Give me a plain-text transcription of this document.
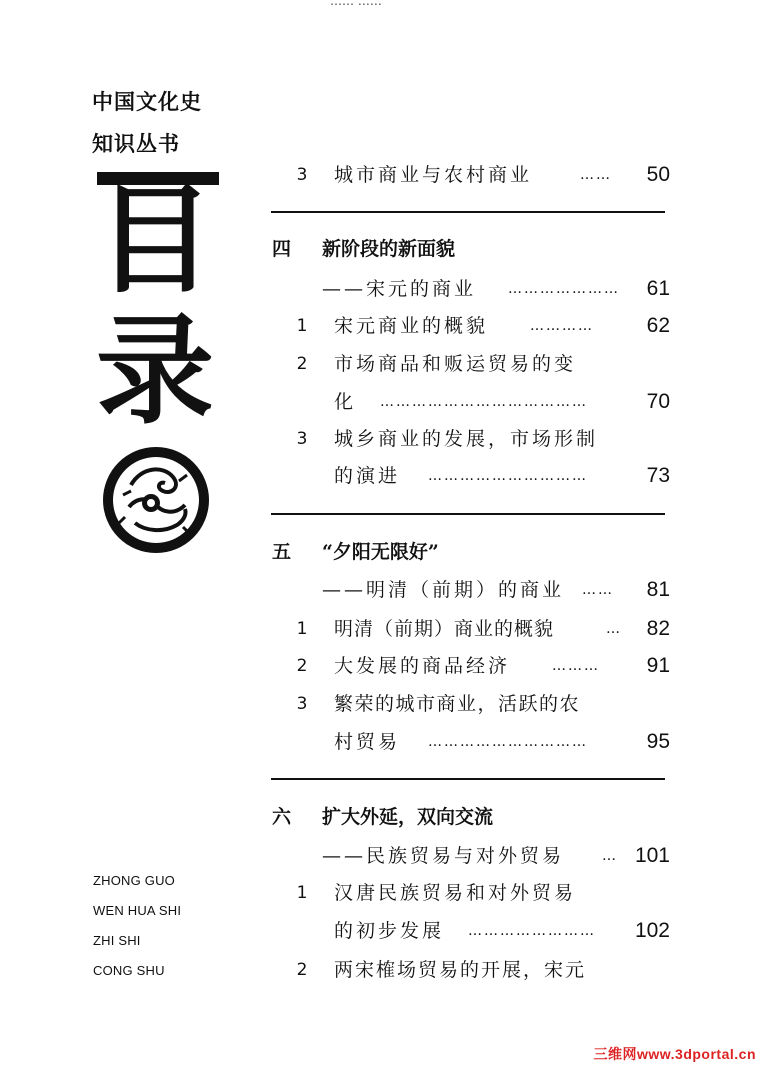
…… ……
中国文化史
知识丛书
目
录
ZHONG GUO
WEN HUA SHI
ZHI SHI
CONG SHU
3 城市商业与农村商业	…… 50
四 新阶段的新面貌
——宋元的商业 ………………… 61
1 宋元商业的概貌	…………	62
2 市场商品和贩运贸易的变
化 …………………………………	70
3 城乡商业的发展，市场形制
的演进 …………………………	73
五 “夕阳无限好”
——明清（前期）的商业 …… 81
1 明清（前期）商业的概貌	… 82
2 大发展的商品经济	……… 91
3 繁荣的城市商业，活跃的农
村贸易 …………………………	95
六 扩大外延，双向交流
——民族贸易与对外贸易	… 101
1 汉唐民族贸易和对外贸易
的初步发展 …………………… 102
2 两宋榷场贸易的开展，宋元
三维网www.3dportal.cn
